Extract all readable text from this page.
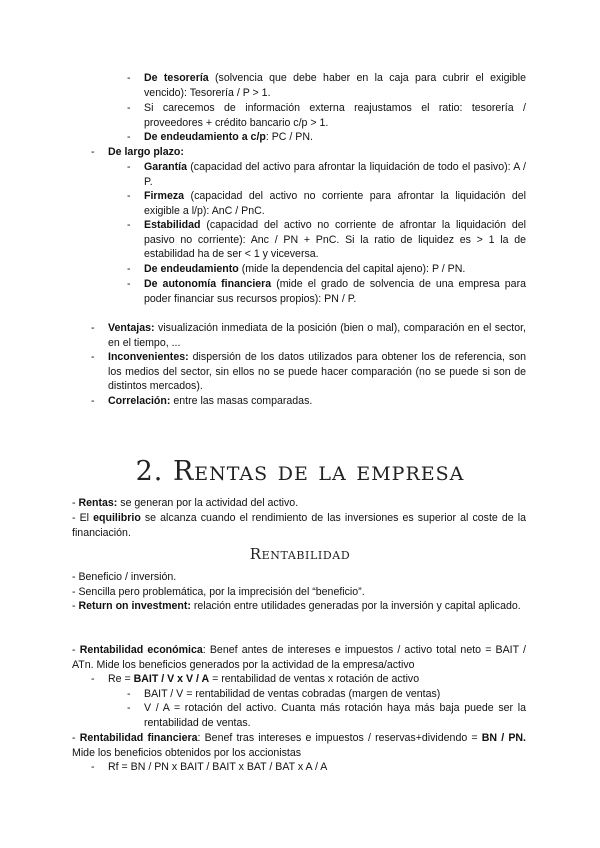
-	De tesorería (solvencia que debe haber en la caja para cubrir el exigible vencido): Tesorería / P > 1.
-	Si carecemos de información externa reajustamos el ratio: tesorería / proveedores + crédito bancario c/p > 1.
-	De endeudamiento a c/p: PC / PN.
-	De largo plazo:
-	Garantía (capacidad del activo para afrontar la liquidación de todo el pasivo): A / P.
-	Firmeza (capacidad del activo no corriente para afrontar la liquidación del exigible a l/p): AnC / PnC.
-	Estabilidad (capacidad del activo no corriente de afrontar la liquidación del pasivo no corriente): Anc / PN + PnC. Si la ratio de liquidez es > 1 la de estabilidad ha de ser < 1 y viceversa.
-	De endeudamiento (mide la dependencia del capital ajeno): P / PN.
-	De autonomía financiera (mide el grado de solvencia de una empresa para poder financiar sus recursos propios): PN / P.
-	Ventajas: visualización inmediata de la posición (bien o mal), comparación en el sector, en el tiempo, ...
-	Inconvenientes: dispersión de los datos utilizados para obtener los de referencia, son los medios del sector, sin ellos no se puede hacer comparación (no se puede si son de distintos mercados).
-	Correlación: entre las masas comparadas.
2. Rentas de la empresa
- Rentas: se generan por la actividad del activo.
- El equilibrio se alcanza cuando el rendimiento de las inversiones es superior al coste de la financiación.
Rentabilidad
- Beneficio / inversión.
- Sencilla pero problemática, por la imprecisión del “beneficio”.
- Return on investment: relación entre utilidades generadas por la inversión y capital aplicado.
- Rentabilidad económica: Benef antes de intereses e impuestos / activo total neto = BAIT / ATn. Mide los beneficios generados por la actividad de la empresa/activo
- Re = BAIT / V x V / A = rentabilidad de ventas x rotación de activo
- BAIT / V = rentabilidad de ventas cobradas (margen de ventas)
- V / A = rotación del activo. Cuanta más rotación haya más baja puede ser la rentabilidad de ventas.
- Rentabilidad financiera: Benef tras intereses e impuestos / reservas+dividendo = BN / PN. Mide los beneficios obtenidos por los accionistas
- Rf = BN / PN x BAIT / BAIT x BAT / BAT x A / A
